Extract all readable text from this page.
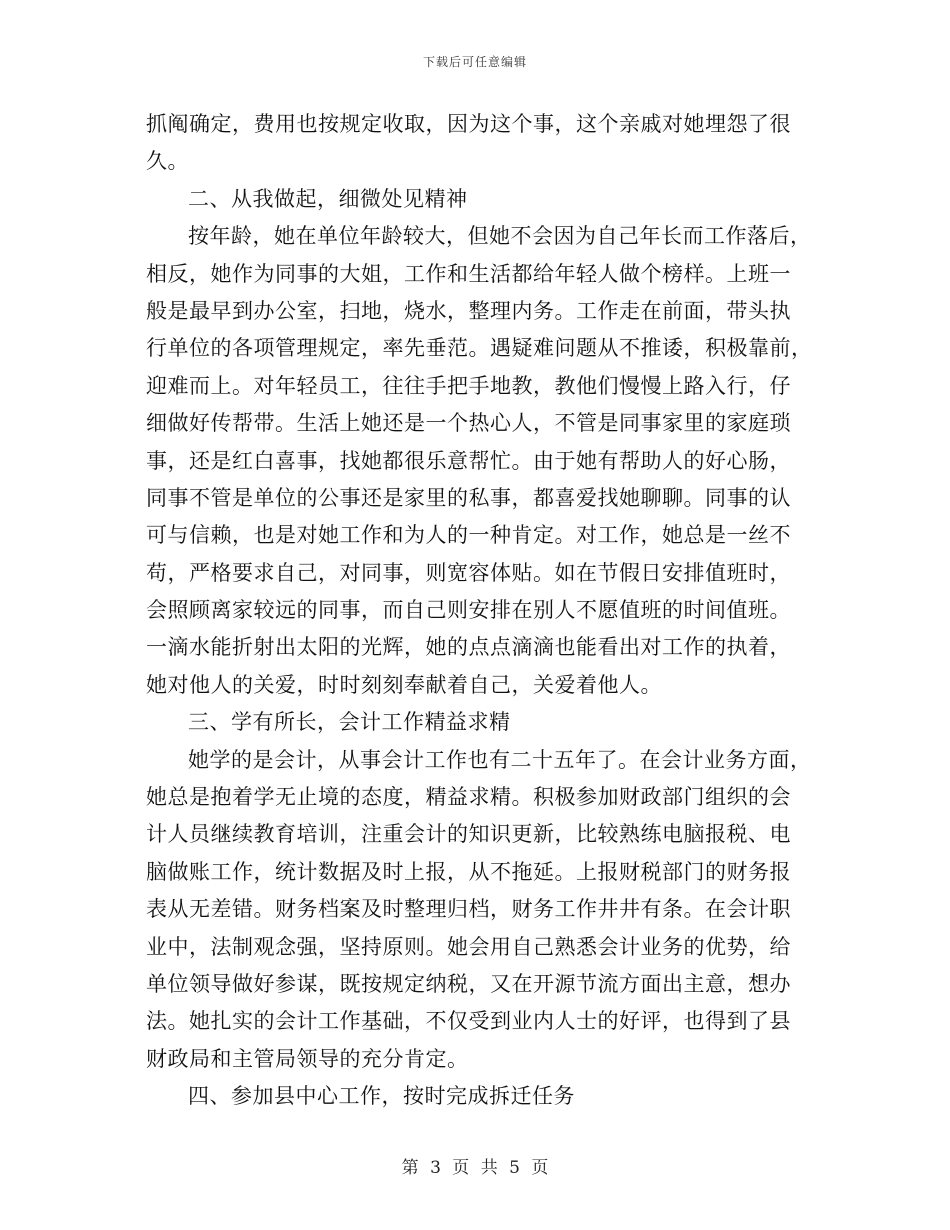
下载后可任意编辑
抓阄确定，费用也按规定收取，因为这个事，这个亲戚对她埋怨了很
久。
二、从我做起，细微处见精神
按年龄，她在单位年龄较大，但她不会因为自己年长而工作落后，
相反，她作为同事的大姐，工作和生活都给年轻人做个榜样。上班一
般是最早到办公室，扫地，烧水，整理内务。工作走在前面，带头执
行单位的各项管理规定，率先垂范。遇疑难问题从不推诿，积极靠前，
迎难而上。对年轻员工，往往手把手地教，教他们慢慢上路入行，仔
细做好传帮带。生活上她还是一个热心人，不管是同事家里的家庭琐
事，还是红白喜事，找她都很乐意帮忙。由于她有帮助人的好心肠，
同事不管是单位的公事还是家里的私事，都喜爱找她聊聊。同事的认
可与信赖，也是对她工作和为人的一种肯定。对工作，她总是一丝不
苟，严格要求自己，对同事，则宽容体贴。如在节假日安排值班时，
会照顾离家较远的同事，而自己则安排在别人不愿值班的时间值班。
一滴水能折射出太阳的光辉，她的点点滴滴也能看出对工作的执着，
她对他人的关爱，时时刻刻奉献着自己，关爱着他人。
三、学有所长，会计工作精益求精
她学的是会计，从事会计工作也有二十五年了。在会计业务方面，
她总是抱着学无止境的态度，精益求精。积极参加财政部门组织的会
计人员继续教育培训，注重会计的知识更新，比较熟练电脑报税、电
脑做账工作，统计数据及时上报，从不拖延。上报财税部门的财务报
表从无差错。财务档案及时整理归档，财务工作井井有条。在会计职
业中，法制观念强，坚持原则。她会用自己熟悉会计业务的优势，给
单位领导做好参谋，既按规定纳税，又在开源节流方面出主意，想办
法。她扎实的会计工作基础，不仅受到业内人士的好评，也得到了县
财政局和主管局领导的充分肯定。
四、参加县中心工作，按时完成拆迁任务
第 3 页 共 5 页
